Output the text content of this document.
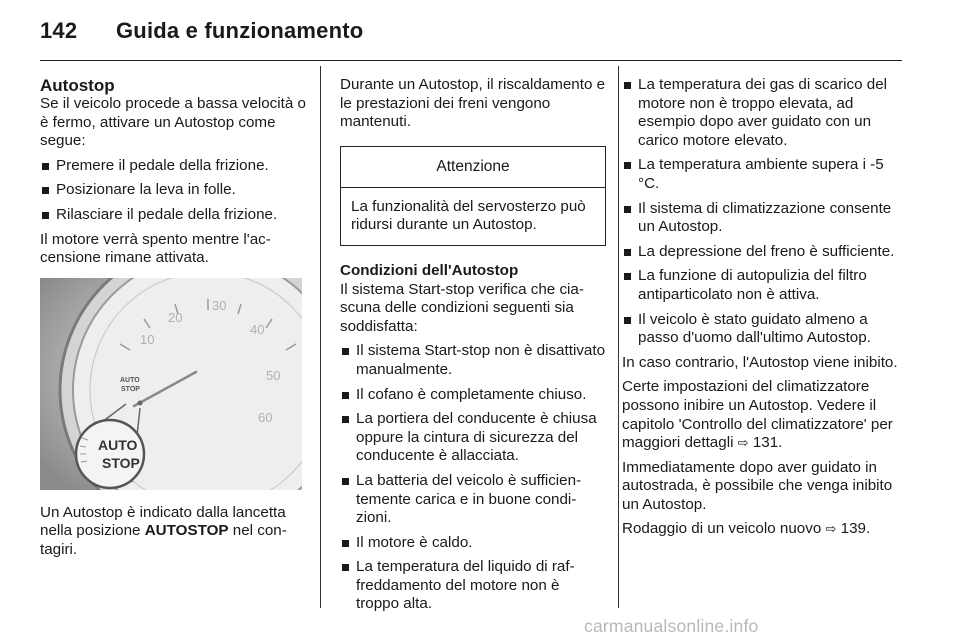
142 Guida e funzionamento
Autostop

Se il veicolo procede a bassa velocità o è fermo, attivare un Autostop come segue:

Premere il pedale della frizione.
Posizionare la leva in folle.
Rilasciare il pedale della frizione.

Il motore verrà spento mentre l'accensione rimane attivata.

10
20
30
40
50
60
AUTO
STOP
AUTO
STOP

Un Autostop è indicato dalla lancetta nella posizione AUTOSTOP nel contagiri.

Durante un Autostop, il riscaldamento e le prestazioni dei freni vengono mantenuti.

Attenzione
La funzionalità del servosterzo può ridursi durante un Autostop.
Condizioni dell'Autostop

Il sistema Start-stop verifica che ciascuna delle condizioni seguenti sia soddisfatta:

Il sistema Start-stop non è disattivato manualmente.
Il cofano è completamente chiuso.
La portiera del conducente è chiusa oppure la cintura di sicurezza del conducente è allacciata.
La batteria del veicolo è sufficientemente carica e in buone condizioni.
Il motore è caldo.
La temperatura del liquido di raffreddamento del motore non è troppo alta.
La temperatura dei gas di scarico del motore non è troppo elevata, ad esempio dopo aver guidato con un carico motore elevato.
La temperatura ambiente supera i -5 °C.
Il sistema di climatizzazione consente un Autostop.
La depressione del freno è sufficiente.
La funzione di autopulizia del filtro antiparticolato non è attiva.
Il veicolo è stato guidato almeno a passo d'uomo dall'ultimo Autostop.

In caso contrario, l'Autostop viene inibito.

Certe impostazioni del climatizzatore possono inibire un Autostop. Vedere il capitolo 'Controllo del climatizzatore' per maggiori dettagli ⇨ 131.

Immediatamente dopo aver guidato in autostrada, è possibile che venga inibito un Autostop.

Rodaggio di un veicolo nuovo ⇨ 139.

carmanualsonline.info
